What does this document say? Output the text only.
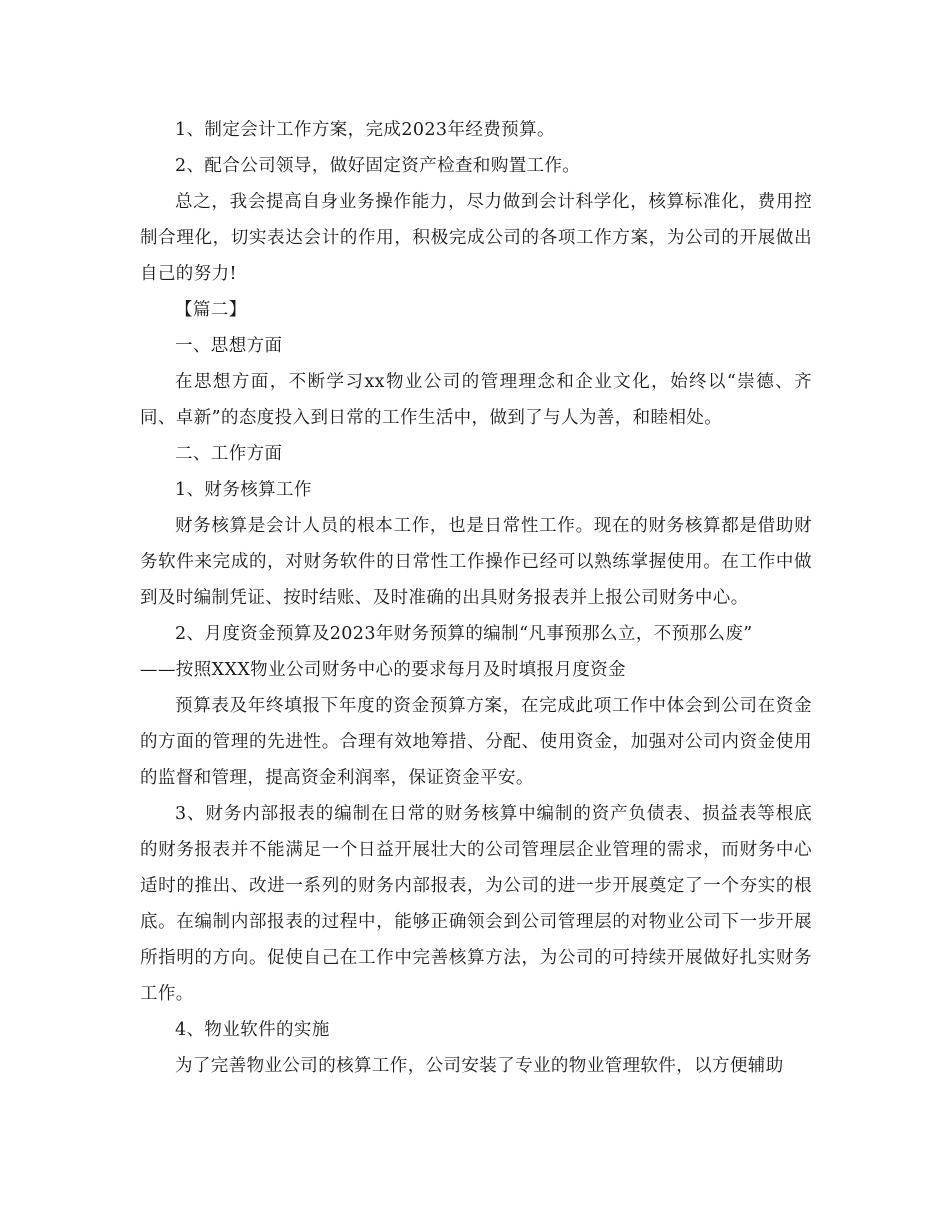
1、制定会计工作方案，完成2023年经费预算。

2、配合公司领导，做好固定资产检查和购置工作。

总之，我会提高自身业务操作能力，尽力做到会计科学化，核算标准化，费用控制合理化，切实表达会计的作用，积极完成公司的各项工作方案，为公司的开展做出自己的努力!

【篇二】

一、思想方面

在思想方面，不断学习xx物业公司的管理理念和企业文化，始终以“崇德、齐同、卓新”的态度投入到日常的工作生活中，做到了与人为善，和睦相处。

二、工作方面

1、财务核算工作

财务核算是会计人员的根本工作，也是日常性工作。现在的财务核算都是借助财务软件来完成的，对财务软件的日常性工作操作已经可以熟练掌握使用。在工作中做到及时编制凭证、按时结账、及时准确的出具财务报表并上报公司财务中心。

2、月度资金预算及2023年财务预算的编制“凡事预那么立，不预那么废”

——按照XXX物业公司财务中心的要求每月及时填报月度资金

预算表及年终填报下年度的资金预算方案，在完成此项工作中体会到公司在资金的方面的管理的先进性。合理有效地筹措、分配、使用资金，加强对公司内资金使用的监督和管理，提高资金利润率，保证资金平安。

3、财务内部报表的编制在日常的财务核算中编制的资产负债表、损益表等根底的财务报表并不能满足一个日益开展壮大的公司管理层企业管理的需求，而财务中心适时的推出、改进一系列的财务内部报表，为公司的进一步开展奠定了一个夯实的根底。在编制内部报表的过程中，能够正确领会到公司管理层的对物业公司下一步开展所指明的方向。促使自己在工作中完善核算方法，为公司的可持续开展做好扎实财务工作。

4、物业软件的实施

为了完善物业公司的核算工作，公司安装了专业的物业管理软件，以方便辅助
